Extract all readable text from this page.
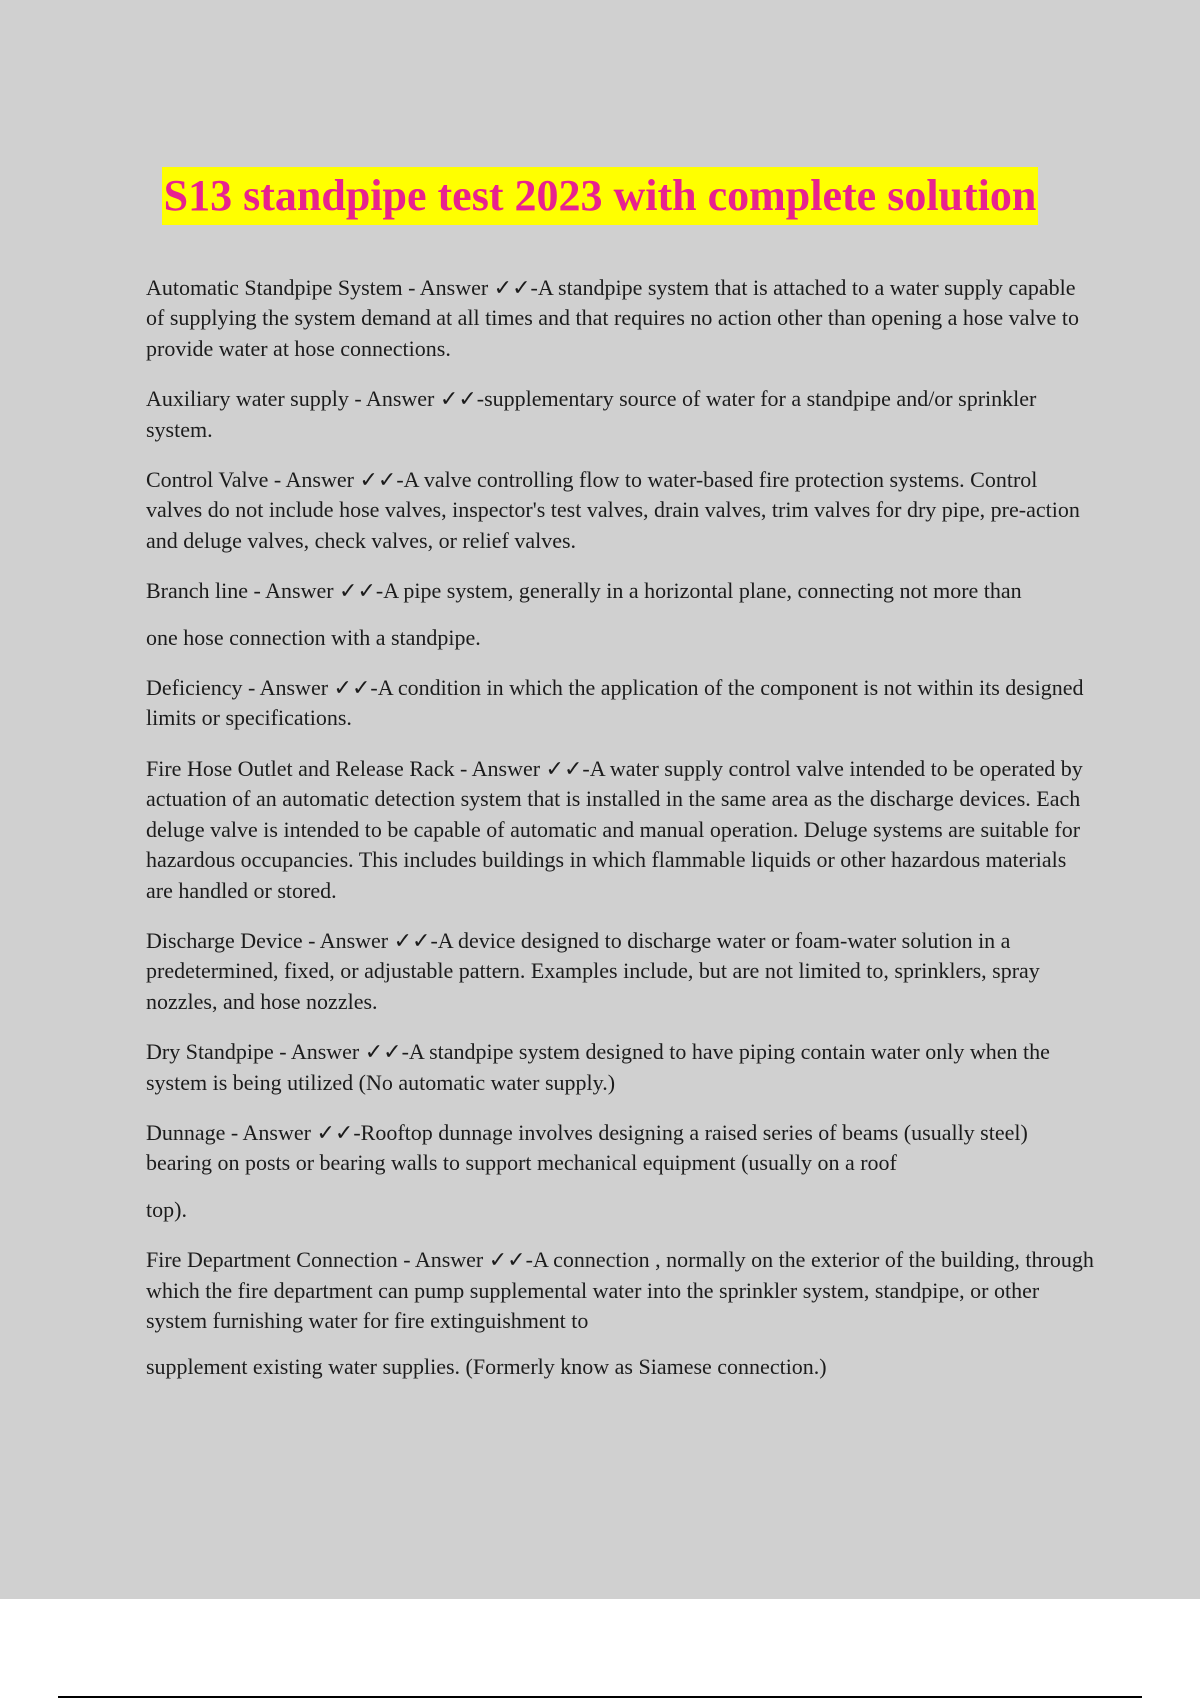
S13 standpipe test 2023 with complete solution

Automatic Standpipe System - Answer ✓✓-A standpipe system that is attached to a water supply capable of supplying the system demand at all times and that requires no action other than opening a hose valve to provide water at hose connections.

Auxiliary water supply - Answer ✓✓-supplementary source of water for a standpipe and/or sprinkler system.

Control Valve - Answer ✓✓-A valve controlling flow to water-based fire protection systems. Control valves do not include hose valves, inspector's test valves, drain valves, trim valves for dry pipe, pre-action and deluge valves, check valves, or relief valves.

Branch line - Answer ✓✓-A pipe system, generally in a horizontal plane, connecting not more than

one hose connection with a standpipe.

Deficiency - Answer ✓✓-A condition in which the application of the component is not within its designed limits or specifications.

Fire Hose Outlet and Release Rack - Answer ✓✓-A water supply control valve intended to be operated by actuation of an automatic detection system that is installed in the same area as the discharge devices. Each deluge valve is intended to be capable of automatic and manual operation. Deluge systems are suitable for hazardous occupancies. This includes buildings in which flammable liquids or other hazardous materials are handled or stored.

Discharge Device - Answer ✓✓-A device designed to discharge water or foam-water solution in a predetermined, fixed, or adjustable pattern. Examples include, but are not limited to, sprinklers, spray nozzles, and hose nozzles.

Dry Standpipe - Answer ✓✓-A standpipe system designed to have piping contain water only when the system is being utilized (No automatic water supply.)

Dunnage - Answer ✓✓-Rooftop dunnage involves designing a raised series of beams (usually steel) bearing on posts or bearing walls to support mechanical equipment (usually on a roof

top).

Fire Department Connection - Answer ✓✓-A connection , normally on the exterior of the building, through which the fire department can pump supplemental water into the sprinkler system, standpipe, or other system furnishing water for fire extinguishment to

supplement existing water supplies. (Formerly know as Siamese connection.)
